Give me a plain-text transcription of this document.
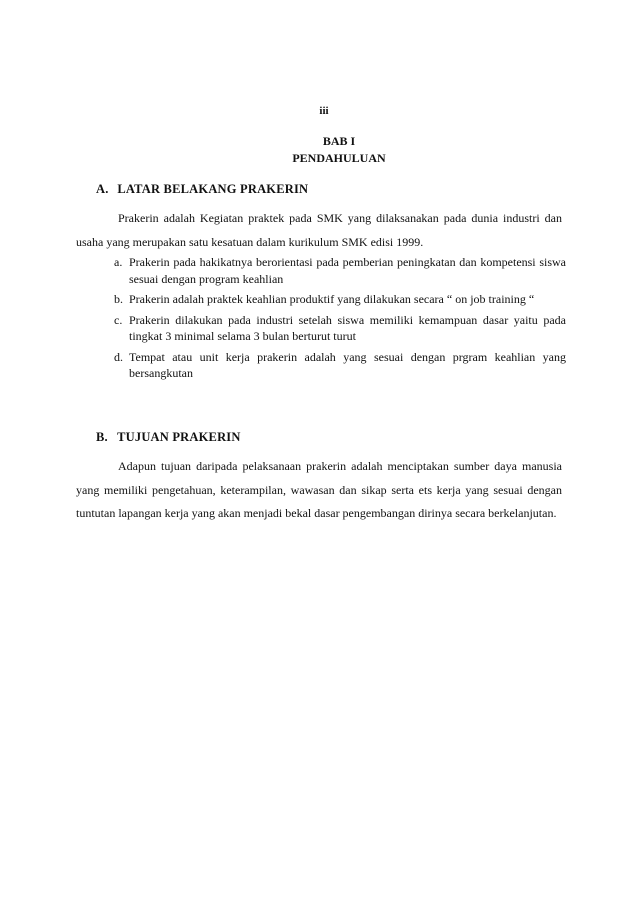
iii
BAB I
PENDAHULUAN
A. LATAR BELAKANG PRAKERIN

Prakerin adalah Kegiatan praktek pada SMK yang dilaksanakan pada dunia industri dan usaha yang merupakan satu kesatuan dalam kurikulum SMK edisi 1999.

a. Prakerin pada hakikatnya berorientasi pada pemberian peningkatan dan kompetensi siswa sesuai dengan program keahlian
b. Prakerin adalah praktek keahlian produktif yang dilakukan secara “ on job training “
c. Prakerin dilakukan pada industri setelah siswa memiliki kemampuan dasar yaitu pada tingkat 3 minimal selama 3 bulan berturut turut
d. Tempat atau unit kerja prakerin adalah yang sesuai dengan prgram keahlian yang bersangkutan
B. TUJUAN PRAKERIN

Adapun tujuan daripada pelaksanaan prakerin adalah menciptakan sumber daya manusia yang memiliki pengetahuan, keterampilan, wawasan dan sikap serta ets kerja yang sesuai dengan tuntutan lapangan kerja yang akan menjadi bekal dasar pengembangan dirinya secara berkelanjutan.
